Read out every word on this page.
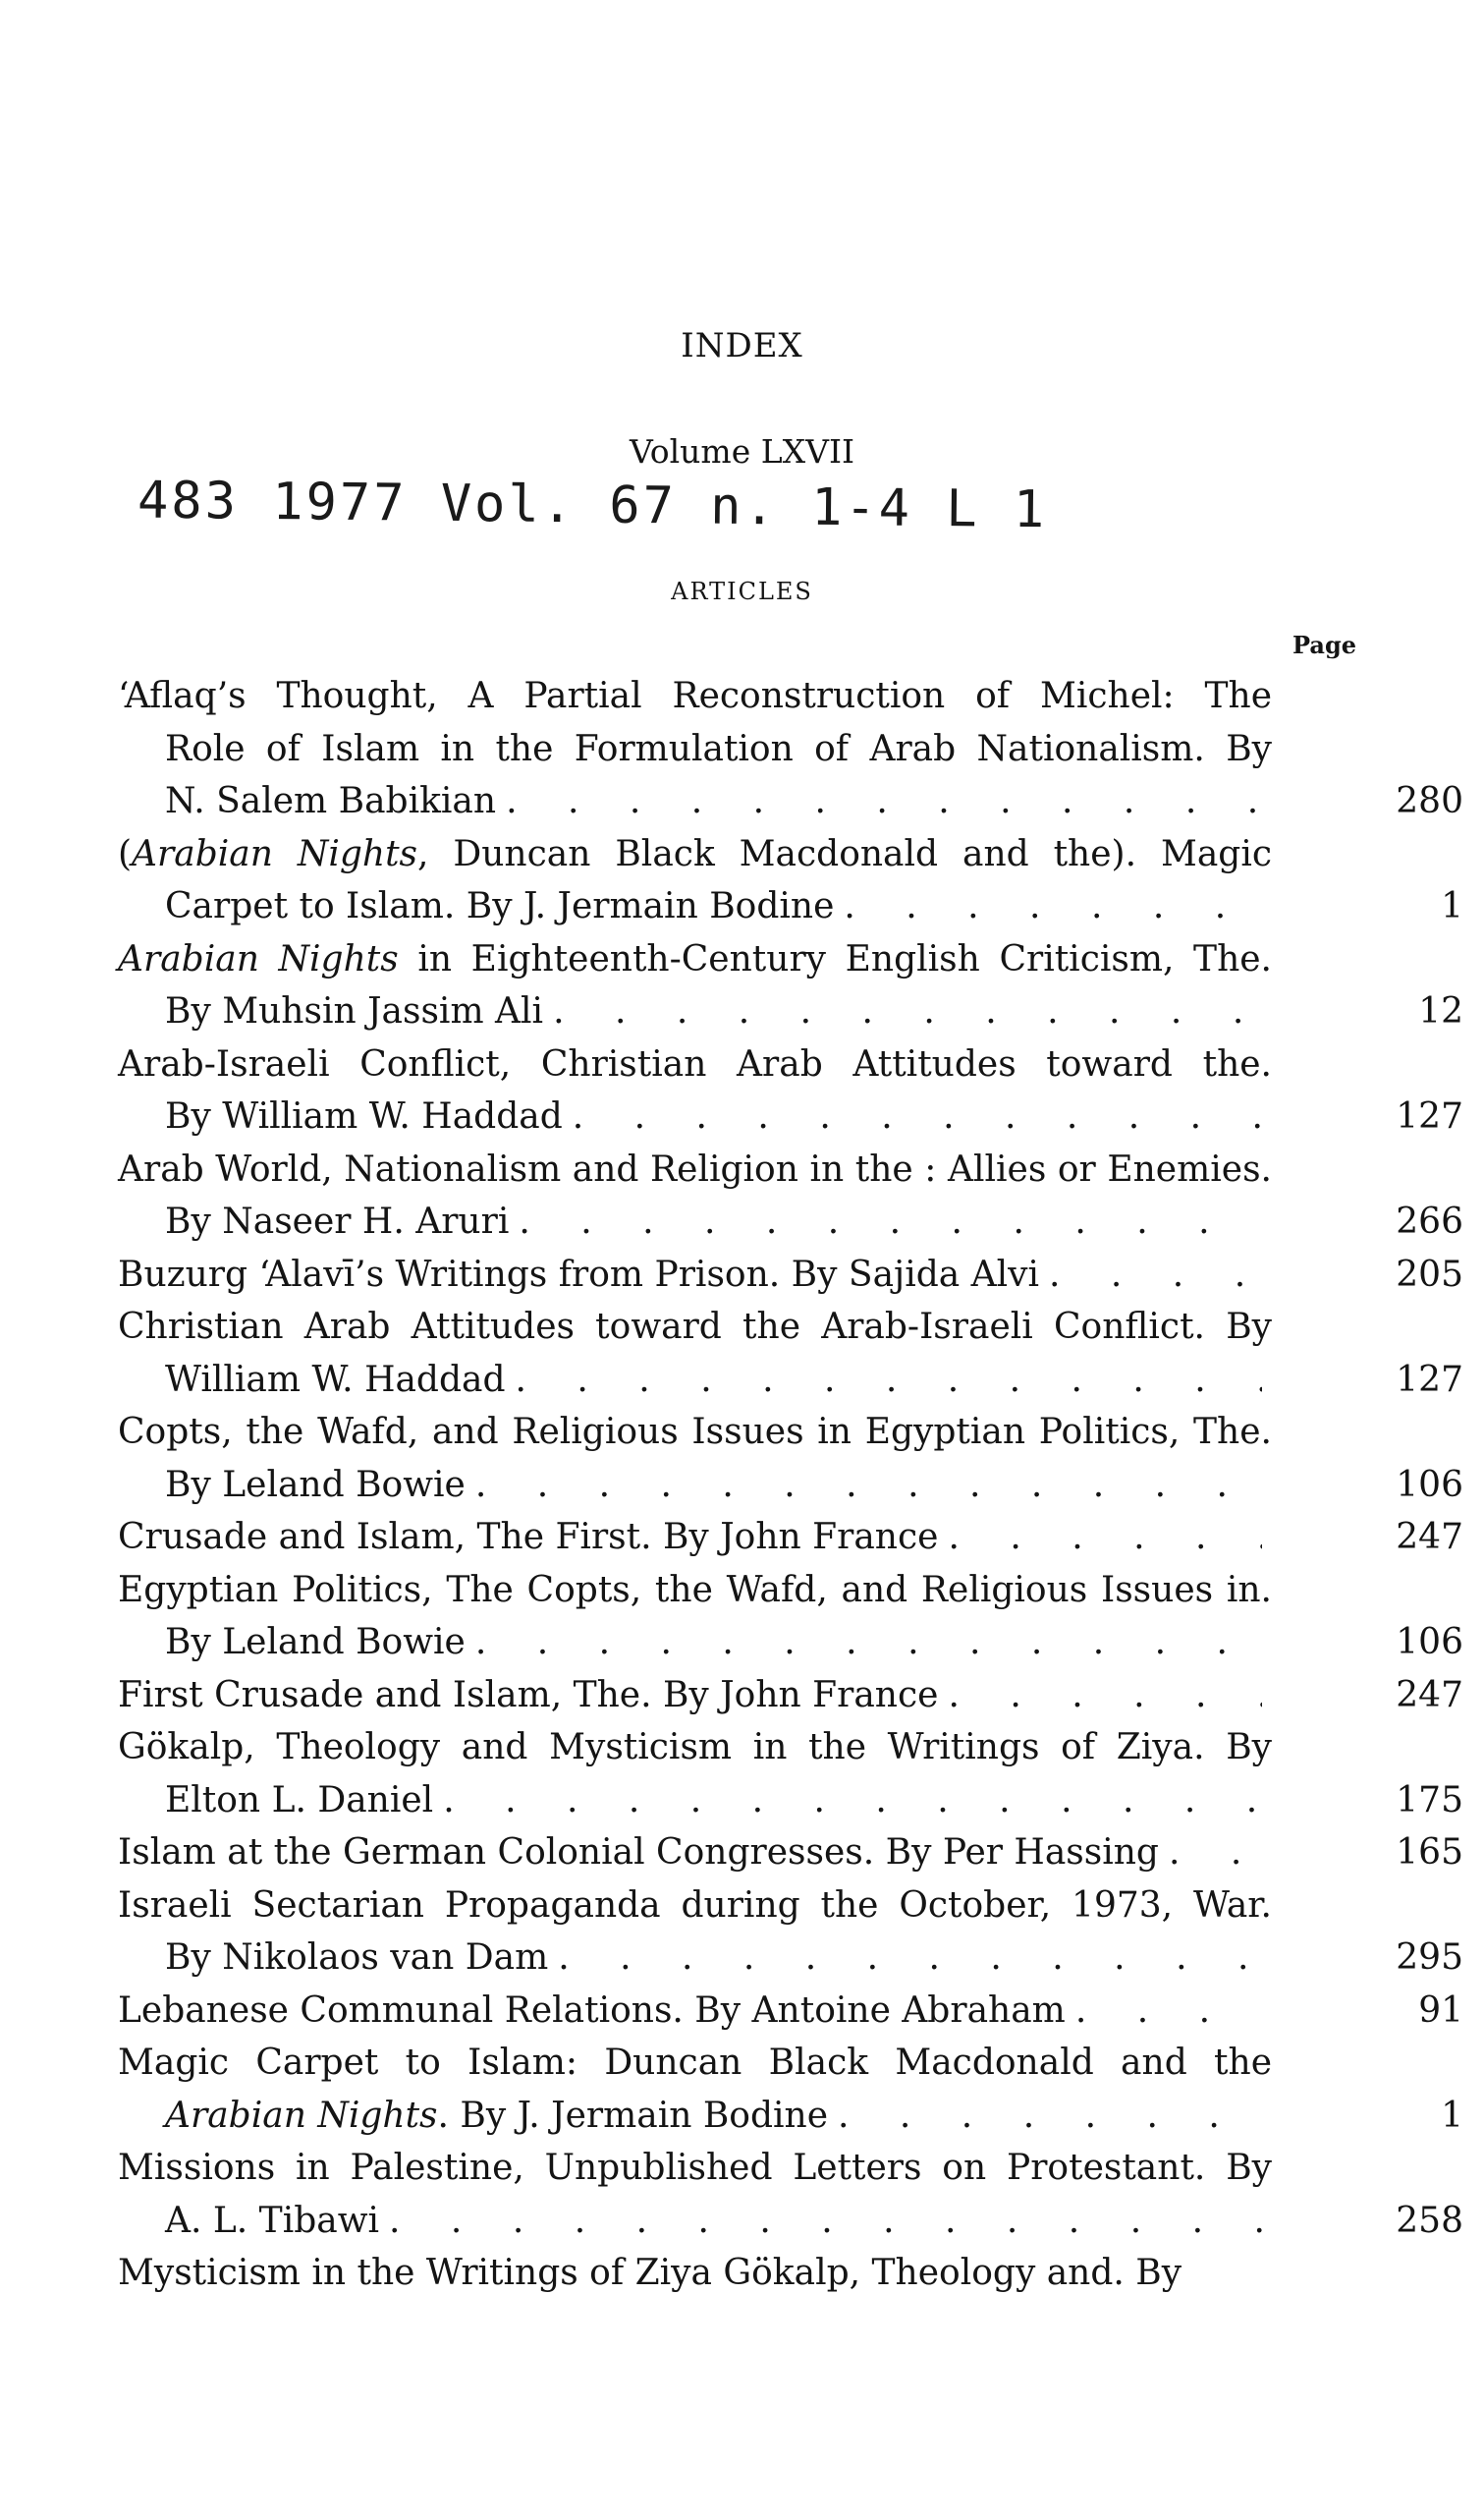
INDEX
Volume LXVII
483 1977 Vol. 67 n. 1-4 L 1
ARTICLES
Page
‘Aflaq’s Thought, A Partial Reconstruction of Michel: The
Role of Islam in the Formulation of Arab Nationalism. By
N. Salem Babikian . . .	280
(Arabian Nights, Duncan Black Macdonald and the). Magic
Carpet to Islam. By J. Jermain Bodine . . .	1
Arabian Nights in Eighteenth-Century English Criticism, The.
By Muhsin Jassim Ali . . .	12
Arab-Israeli Conflict, Christian Arab Attitudes toward the.
By William W. Haddad . . .	127
Arab World, Nationalism and Religion in the : Allies or Enemies.
By Naseer H. Aruri . . .	266
Buzurg ‘Alavī’s Writings from Prison. By Sajida Alvi . . .	205
Christian Arab Attitudes toward the Arab-Israeli Conflict. By
William W. Haddad . . .	127
Copts, the Wafd, and Religious Issues in Egyptian Politics, The.
By Leland Bowie . . .	106
Crusade and Islam, The First. By John France . . .	247
Egyptian Politics, The Copts, the Wafd, and Religious Issues in.
By Leland Bowie . . .	106
First Crusade and Islam, The. By John France . . .	247
Gökalp, Theology and Mysticism in the Writings of Ziya. By
Elton L. Daniel . . .	175
Islam at the German Colonial Congresses. By Per Hassing . . .	165
Israeli Sectarian Propaganda during the October, 1973, War.
By Nikolaos van Dam . . .	295
Lebanese Communal Relations. By Antoine Abraham . . .	91
Magic Carpet to Islam: Duncan Black Macdonald and the
Arabian Nights. By J. Jermain Bodine . . .	1
Missions in Palestine, Unpublished Letters on Protestant. By
A. L. Tibawi . . .	258
Mysticism in the Writings of Ziya Gökalp, Theology and. By
